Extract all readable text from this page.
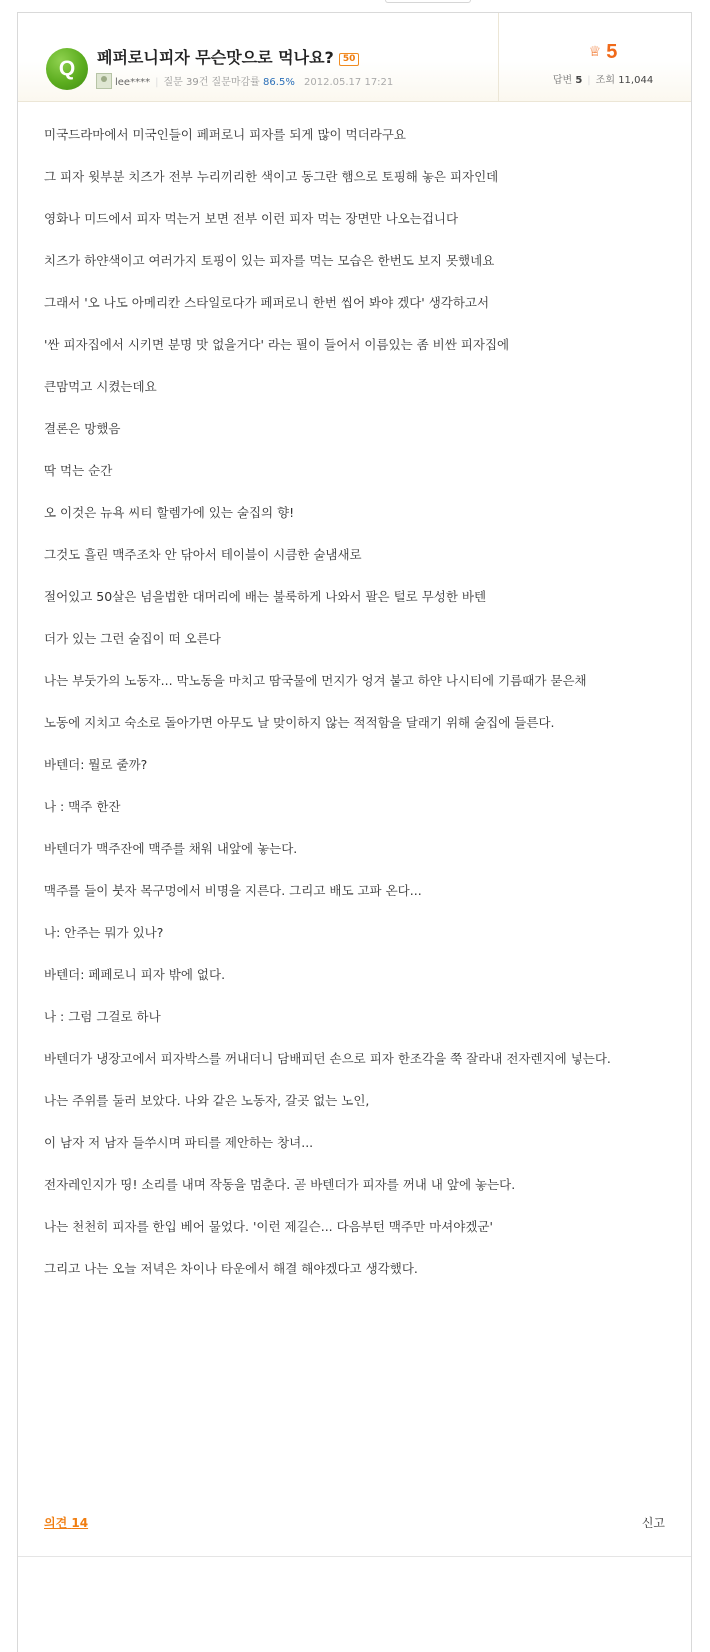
Q	페퍼로니피자 무슨맛으로 먹나요? 50
lee**** | 질문 39건 질문마감률 86.5% 2012.05.17 17:21
♕ 5
답변 5 | 조회 11,044
미국드라마에서 미국인들이 페퍼로니 피자를 되게 많이 먹더라구요
그 피자 윗부분 치즈가 전부 누리끼리한 색이고 동그란 햄으로 토핑해 놓은 피자인데
영화나 미드에서 피자 먹는거 보면 전부 이런 피자 먹는 장면만 나오는겁니다
치즈가 하얀색이고 여러가지 토핑이 있는 피자를 먹는 모습은 한번도 보지 못했네요
그래서 '오 나도 아메리칸 스타일로다가 페퍼로니 한번 씹어 봐야 겠다' 생각하고서
'싼 피자집에서 시키면 분명 맛 없을거다' 라는 필이 들어서 이름있는 좀 비싼 피자집에
큰맘먹고 시켰는데요
결론은 망했음
딱 먹는 순간
오 이것은 뉴욕 씨티 할렘가에 있는 술집의 향!
그것도 흘린 맥주조차 안 닦아서 테이블이 시큼한 술냄새로
절어있고 50살은 넘을법한 대머리에 배는 불룩하게 나와서 팔은 털로 무성한 바텐
더가 있는 그런 술집이 떠 오른다
나는 부둣가의 노동자... 막노동을 마치고 땀국물에 먼지가 엉겨 붙고 하얀 나시티에 기름때가 묻은채
노동에 지치고 숙소로 돌아가면 아무도 날 맞이하지 않는 적적함을 달래기 위해 술집에 들른다.
바텐더: 뭘로 줄까?
나 : 맥주 한잔
바텐더가 맥주잔에 맥주를 채워 내앞에 놓는다.
맥주를 들이 붓자 목구멍에서 비명을 지른다. 그리고 배도 고파 온다...
나: 안주는 뭐가 있나?
바텐더: 페페로니 피자 밖에 없다.
나 : 그럼 그걸로 하나
바텐더가 냉장고에서 피자박스를 꺼내더니 담배피던 손으로 피자 한조각을 쭉 잘라내 전자렌지에 넣는다.
나는 주위를 둘러 보았다. 나와 같은 노동자, 갈곳 없는 노인,
이 남자 저 남자 들쑤시며 파티를 제안하는 창녀...
전자레인지가 띵! 소리를 내며 작동을 멈춘다. 곧 바텐더가 피자를 꺼내 내 앞에 놓는다.
나는 천천히 피자를 한입 베어 물었다. '이런 제길슨... 다음부턴 맥주만 마셔야겠군'
그리고 나는 오늘 저녁은 차이나 타운에서 해결 해야겠다고 생각했다.
의견 14	신고
